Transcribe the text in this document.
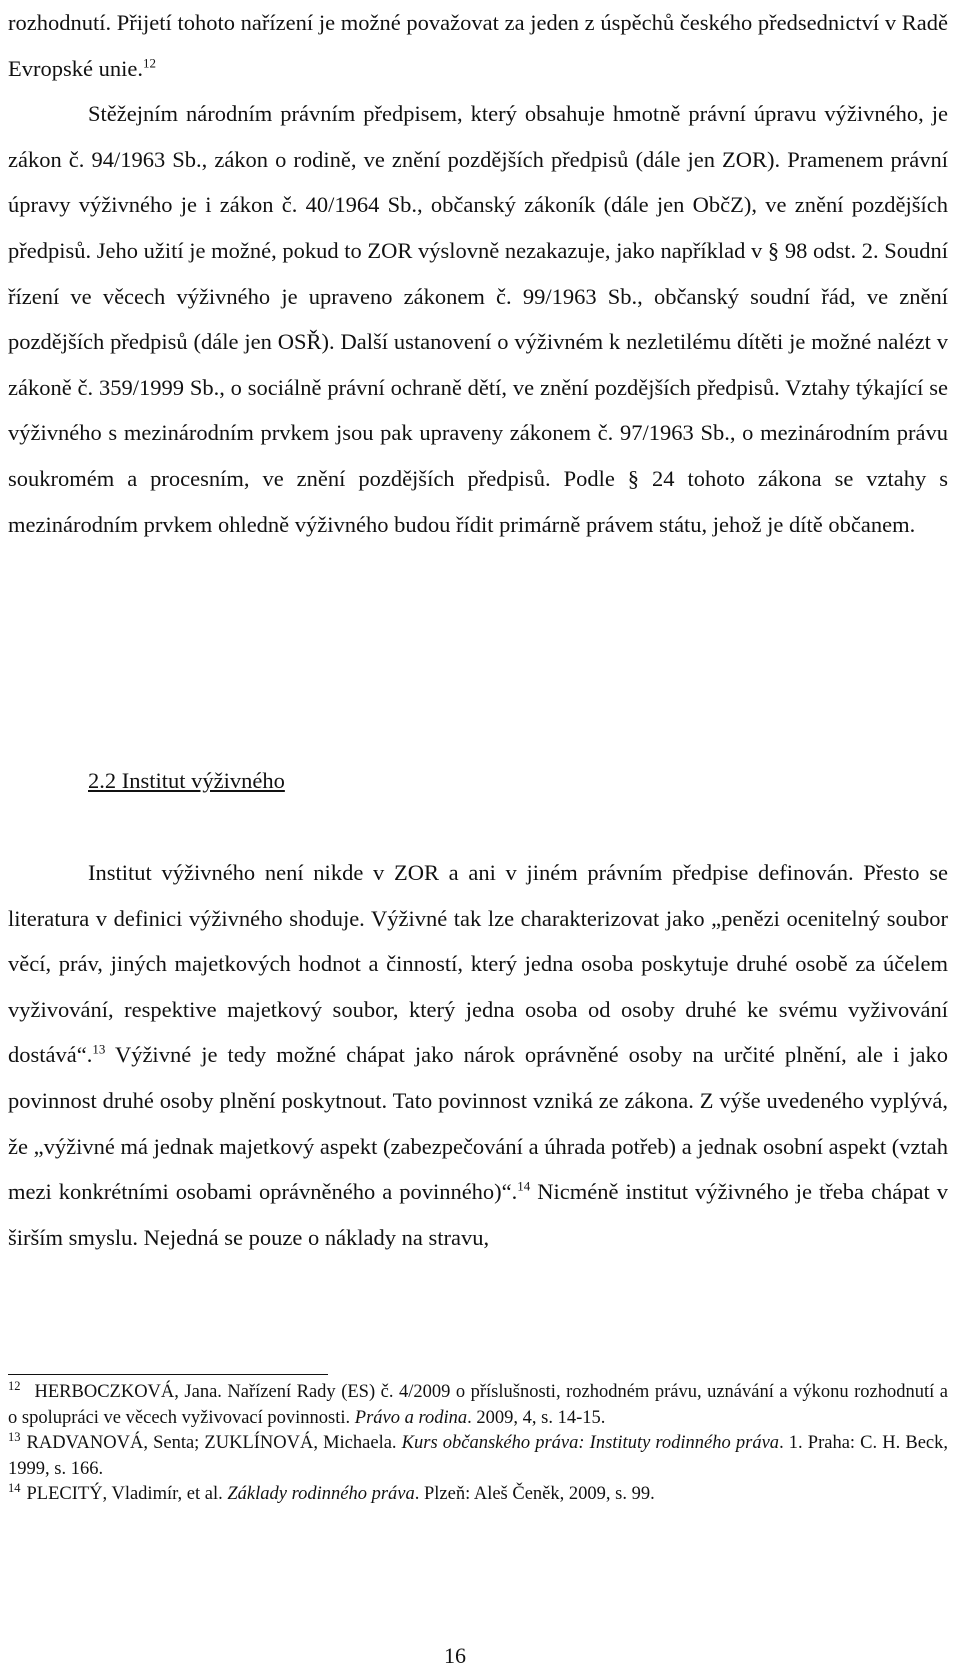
rozhodnutí. Přijetí tohoto nařízení je možné považovat za jeden z úspěchů českého předsednictví v Radě Evropské unie.$^{12}$

Stěžejním národním právním předpisem, který obsahuje hmotně právní úpravu výživného, je zákon č. 94/1963 Sb., zákon o rodině, ve znění pozdějších předpisů (dále jen ZOR). Pramenem právní úpravy výživného je i zákon č. 40/1964 Sb., občanský zákoník (dále jen ObčZ), ve znění pozdějších předpisů. Jeho užití je možné, pokud to ZOR výslovně nezakazuje, jako například v § 98 odst. 2. Soudní řízení ve věcech výživného je upraveno zákonem č. 99/1963 Sb., občanský soudní řád, ve znění pozdějších předpisů (dále jen OSŘ). Další ustanovení o výživném k nezletilému dítěti je možné nalézt v zákoně č. 359/1999 Sb., o sociálně právní ochraně dětí, ve znění pozdějších předpisů. Vztahy týkající se výživného s mezinárodním prvkem jsou pak upraveny zákonem č. 97/1963 Sb., o mezinárodním právu soukromém a procesním, ve znění pozdějších předpisů. Podle § 24 tohoto zákona se vztahy s mezinárodním prvkem ohledně výživného budou řídit primárně právem státu, jehož je dítě občanem.

2.2 Institut výživného

Institut výživného není nikde v ZOR a ani v jiném právním předpise definován. Přesto se literatura v definici výživného shoduje. Výživné tak lze charakterizovat jako „penězi ocenitelný soubor věcí, práv, jiných majetkových hodnot a činností, který jedna osoba poskytuje druhé osobě za účelem vyživování, respektive majetkový soubor, který jedna osoba od osoby druhé ke svému vyživování dostává“.$^{13}$ Výživné je tedy možné chápat jako nárok oprávněné osoby na určité plnění, ale i jako povinnost druhé osoby plnění poskytnout. Tato povinnost vzniká ze zákona. Z výše uvedeného vyplývá, že „výživné má jednak majetkový aspekt (zabezpečování a úhrada potřeb) a jednak osobní aspekt (vztah mezi konkrétními osobami oprávněného a povinného)“.$^{14}$ Nicméně institut výživného je třeba chápat v širším smyslu. Nejedná se pouze o náklady na stravu,

$^{12}$ HERBOCZKOVÁ, Jana. Nařízení Rady (ES) č. 4/2009 o příslušnosti, rozhodném právu, uznávání a výkonu rozhodnutí a o spolupráci ve věcech vyživovací povinnosti. Právo a rodina. 2009, 4, s. 14-15.

$^{13}$ RADVANOVÁ, Senta; ZUKLÍNOVÁ, Michaela. Kurs občanského práva: Instituty rodinného práva. 1. Praha: C. H. Beck, 1999, s. 166.

$^{14}$ PLECITÝ, Vladimír, et al. Základy rodinného práva. Plzeň: Aleš Čeněk, 2009, s. 99.

16
